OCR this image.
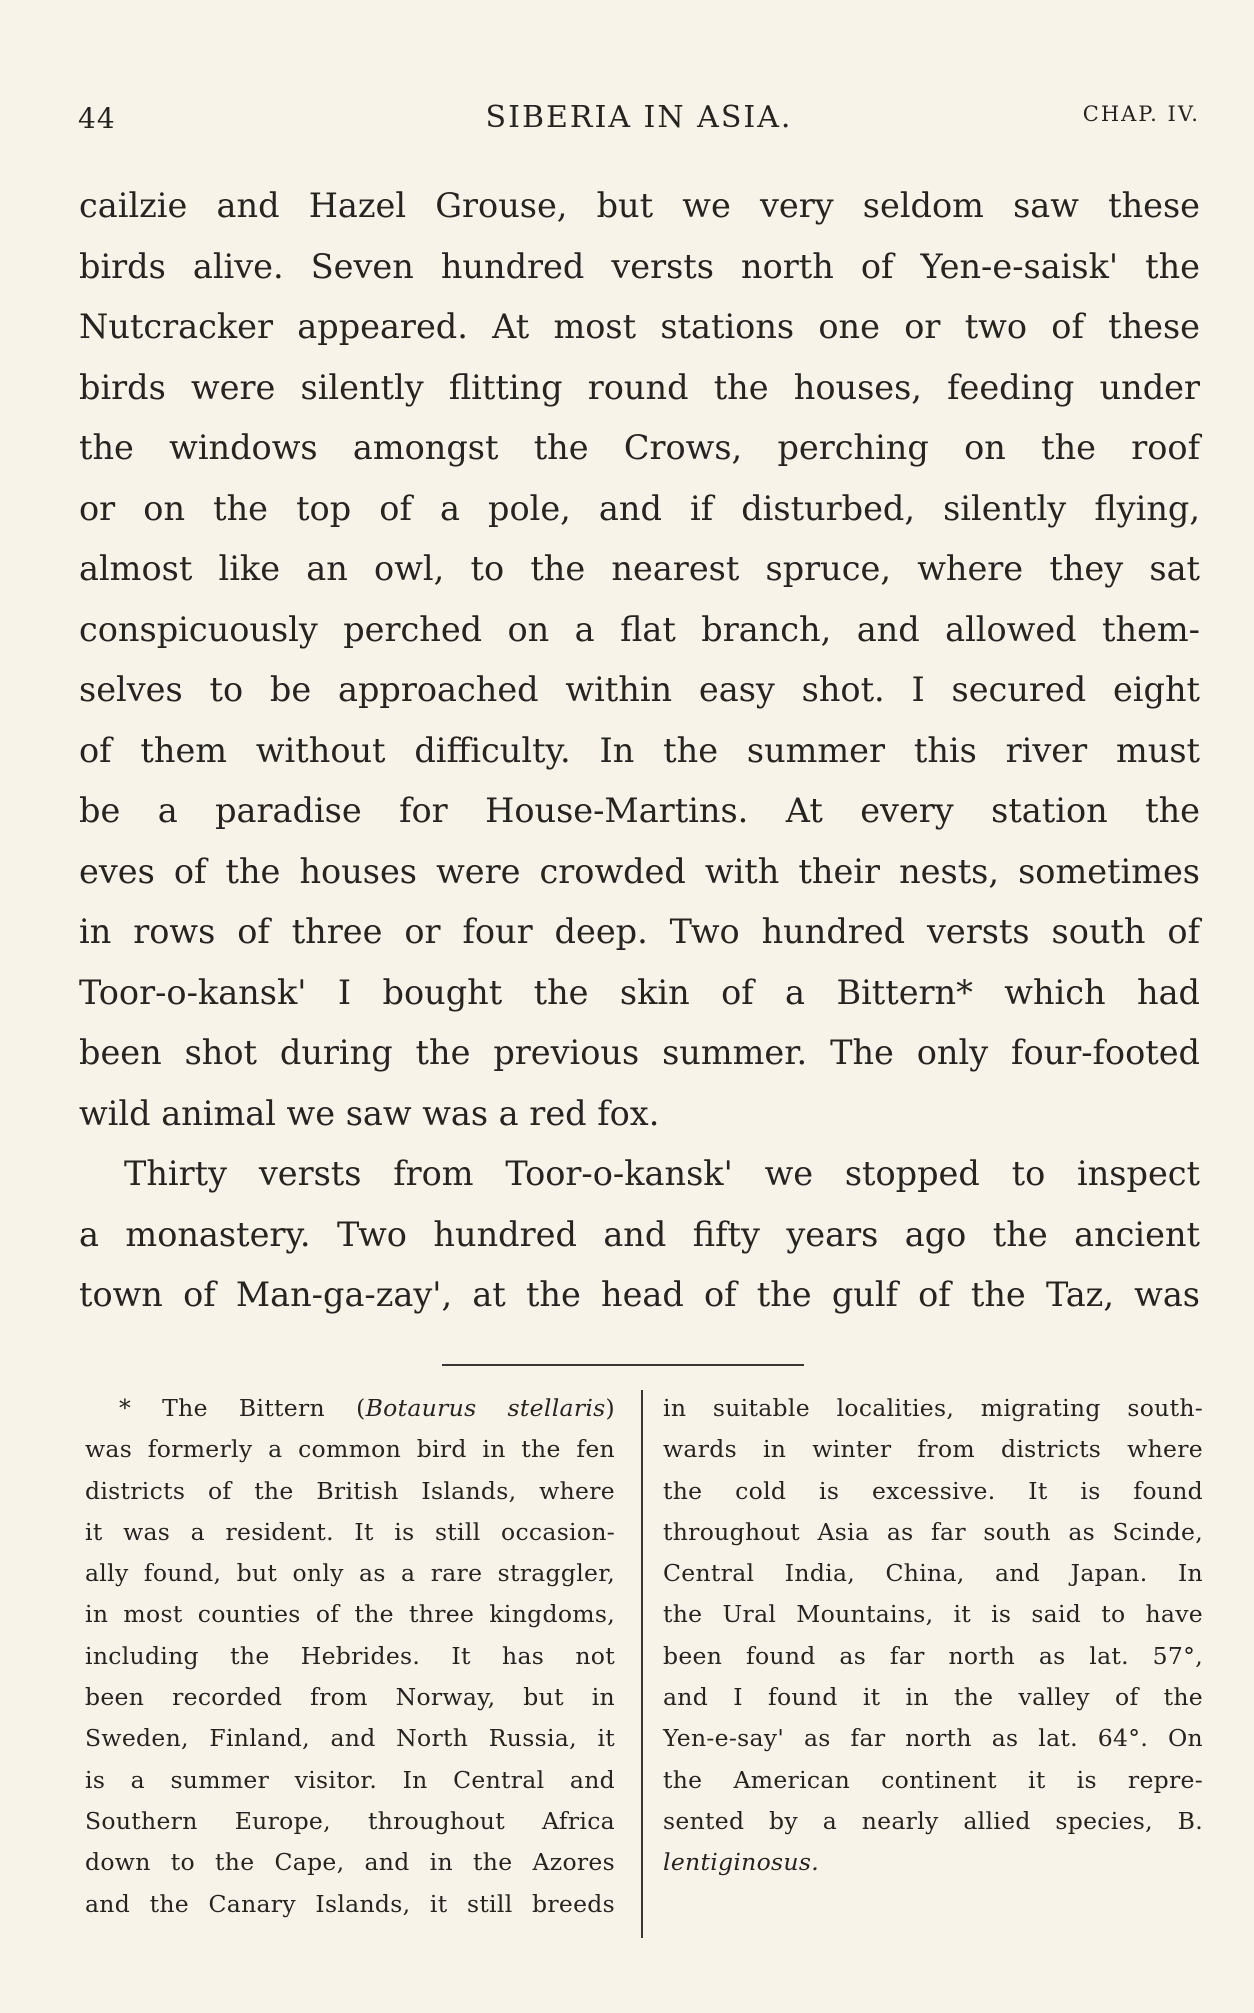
44	SIBERIA IN ASIA.	CHAP. IV.

cailzie and Hazel Grouse, but we very seldom saw these
birds alive. Seven hundred versts north of Yen-e-saisk' the
Nutcracker appeared. At most stations one or two of these
birds were silently flitting round the houses, feeding under
the windows amongst the Crows, perching on the roof
or on the top of a pole, and if disturbed, silently flying,
almost like an owl, to the nearest spruce, where they sat
conspicuously perched on a flat branch, and allowed them-
selves to be approached within easy shot. I secured eight
of them without difficulty. In the summer this river must
be a paradise for House-Martins. At every station the
eves of the houses were crowded with their nests, sometimes
in rows of three or four deep. Two hundred versts south of
Toor-o-kansk' I bought the skin of a Bittern* which had
been shot during the previous summer. The only four-footed
wild animal we saw was a red fox.

Thirty versts from Toor-o-kansk' we stopped to inspect
a monastery. Two hundred and fifty years ago the ancient
town of Man-ga-zay', at the head of the gulf of the Taz, was

* The Bittern (Botaurus stellaris)
was formerly a common bird in the fen
districts of the British Islands, where
it was a resident. It is still occasion-
ally found, but only as a rare straggler,
in most counties of the three kingdoms,
including the Hebrides. It has not
been recorded from Norway, but in
Sweden, Finland, and North Russia, it
is a summer visitor. In Central and
Southern Europe, throughout Africa
down to the Cape, and in the Azores
and the Canary Islands, it still breeds
in suitable localities, migrating south-
wards in winter from districts where
the cold is excessive. It is found
throughout Asia as far south as Scinde,
Central India, China, and Japan. In
the Ural Mountains, it is said to have
been found as far north as lat. 57°,
and I found it in the valley of the
Yen-e-say' as far north as lat. 64°. On
the American continent it is repre-
sented by a nearly allied species, B.
lentiginosus.
